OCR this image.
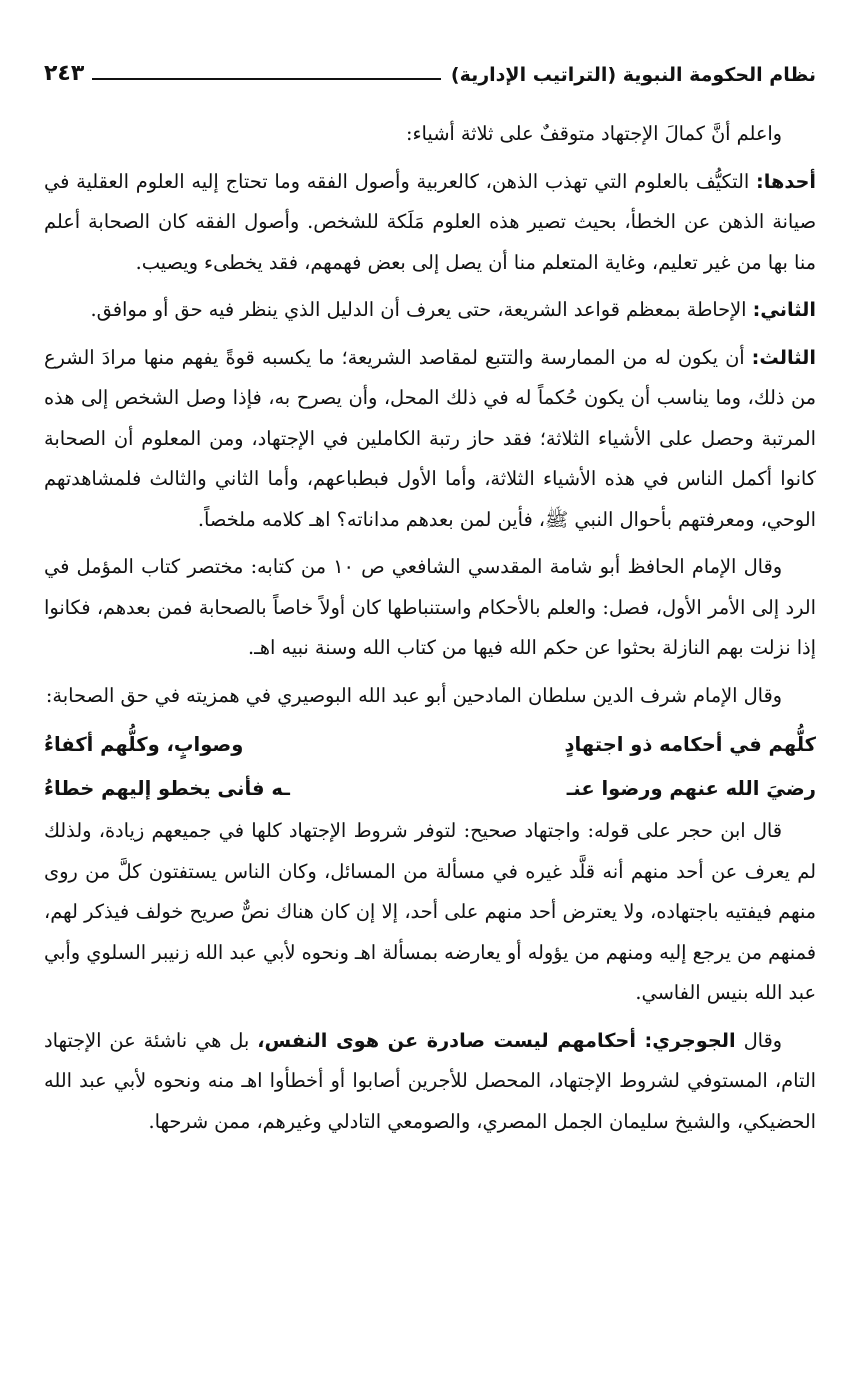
نظام الحكومة النبوية (التراتيب الإدارية)
٢٤٣

واعلم أنَّ كمالَ الإجتهاد متوقفٌ على ثلاثة أشياء:

أحدها: التكيُّف بالعلوم التي تهذب الذهن، كالعربية وأصول الفقه وما تحتاج إليه العلوم العقلية في صيانة الذهن عن الخطأ، بحيث تصير هذه العلوم مَلَكة للشخص. وأصول الفقه كان الصحابة أعلم منا بها من غير تعليم، وغاية المتعلم منا أن يصل إلى بعض فهمهم، فقد يخطىء ويصيب.

الثاني: الإحاطة بمعظم قواعد الشريعة، حتى يعرف أن الدليل الذي ينظر فيه حق أو موافق.

الثالث: أن يكون له من الممارسة والتتبع لمقاصد الشريعة؛ ما يكسبه قوةً يفهم منها مرادَ الشرع من ذلك، وما يناسب أن يكون حُكماً له في ذلك المحل، وأن يصرح به، فإذا وصل الشخص إلى هذه المرتبة وحصل على الأشياء الثلاثة؛ فقد حاز رتبة الكاملين في الإجتهاد، ومن المعلوم أن الصحابة كانوا أكمل الناس في هذه الأشياء الثلاثة، وأما الأول فبطباعهم، وأما الثاني والثالث فلمشاهدتهم الوحي، ومعرفتهم بأحوال النبي ﷺ، فأين لمن بعدهم مداناته؟ اهـ كلامه ملخصاً.

وقال الإمام الحافظ أبو شامة المقدسي الشافعي ص ١٠ من كتابه: مختصر كتاب المؤمل في الرد إلى الأمر الأول، فصل: والعلم بالأحكام واستنباطها كان أولاً خاصاً بالصحابة فمن بعدهم، فكانوا إذا نزلت بهم النازلة بحثوا عن حكم الله فيها من كتاب الله وسنة نبيه اهـ.

وقال الإمام شرف الدين سلطان المادحين أبو عبد الله البوصيري في همزيته في حق الصحابة:

كلُّهم في أحكامه ذو اجتهادٍ
وصوابٍ، وكلُّهم أكفاءُ
رضيَ الله عنهم ورضوا عنـ
ـه فأنى يخطو إليهم خطاءُ

قال ابن حجر على قوله: واجتهاد صحيح: لتوفر شروط الإجتهاد كلها في جميعهم زيادة، ولذلك لم يعرف عن أحد منهم أنه قلَّد غيره في مسألة من المسائل، وكان الناس يستفتون كلَّ من روى منهم فيفتيه باجتهاده، ولا يعترض أحد منهم على أحد، إلا إن كان هناك نصٌّ صريح خولف فيذكر لهم، فمنهم من يرجع إليه ومنهم من يؤوله أو يعارضه بمسألة اهـ ونحوه لأبي عبد الله زنيبر السلوي وأبي عبد الله بنيس الفاسي.

وقال الجوجري: أحكامهم ليست صادرة عن هوى النفس، بل هي ناشئة عن الإجتهاد التام، المستوفي لشروط الإجتهاد، المحصل للأجرين أصابوا أو أخطأوا اهـ منه ونحوه لأبي عبد الله الحضيكي، والشيخ سليمان الجمل المصري، والصومعي التادلي وغيرهم، ممن شرحها.
